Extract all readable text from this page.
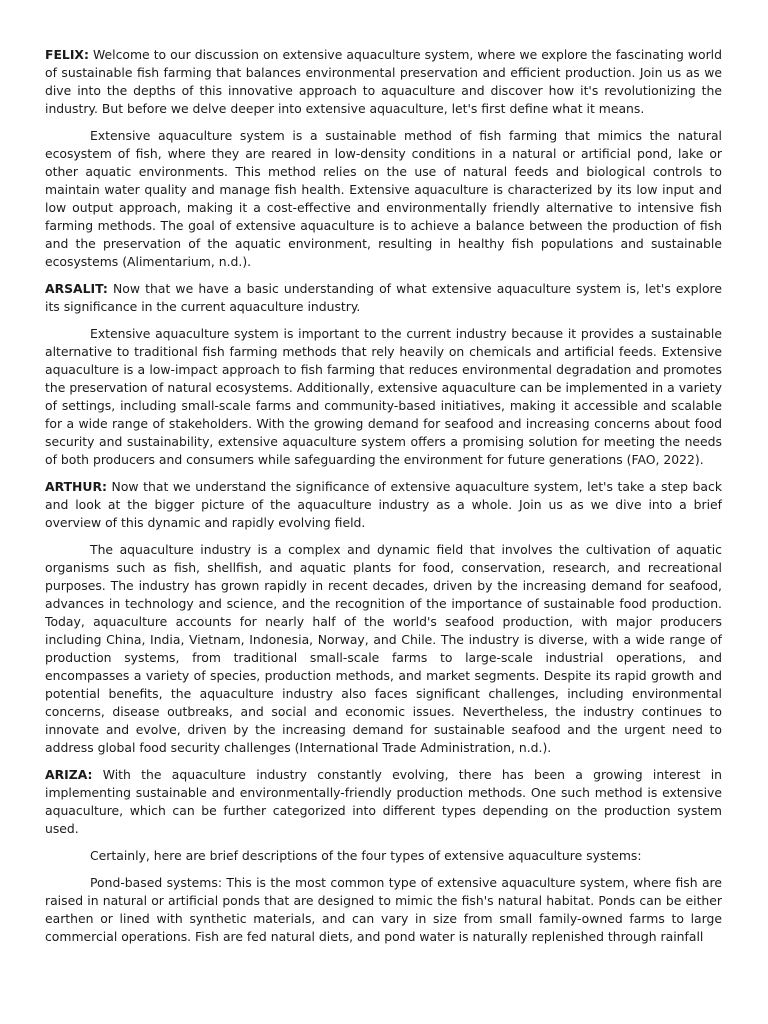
FELIX: Welcome to our discussion on extensive aquaculture system, where we explore the fascinating world of sustainable fish farming that balances environmental preservation and efficient production. Join us as we dive into the depths of this innovative approach to aquaculture and discover how it's revolutionizing the industry. But before we delve deeper into extensive aquaculture, let's first define what it means.

Extensive aquaculture system is a sustainable method of fish farming that mimics the natural ecosystem of fish, where they are reared in low-density conditions in a natural or artificial pond, lake or other aquatic environments. This method relies on the use of natural feeds and biological controls to maintain water quality and manage fish health. Extensive aquaculture is characterized by its low input and low output approach, making it a cost-effective and environmentally friendly alternative to intensive fish farming methods. The goal of extensive aquaculture is to achieve a balance between the production of fish and the preservation of the aquatic environment, resulting in healthy fish populations and sustainable ecosystems (Alimentarium, n.d.).

ARSALIT: Now that we have a basic understanding of what extensive aquaculture system is, let's explore its significance in the current aquaculture industry.

Extensive aquaculture system is important to the current industry because it provides a sustainable alternative to traditional fish farming methods that rely heavily on chemicals and artificial feeds. Extensive aquaculture is a low-impact approach to fish farming that reduces environmental degradation and promotes the preservation of natural ecosystems. Additionally, extensive aquaculture can be implemented in a variety of settings, including small-scale farms and community-based initiatives, making it accessible and scalable for a wide range of stakeholders. With the growing demand for seafood and increasing concerns about food security and sustainability, extensive aquaculture system offers a promising solution for meeting the needs of both producers and consumers while safeguarding the environment for future generations (FAO, 2022).

ARTHUR: Now that we understand the significance of extensive aquaculture system, let's take a step back and look at the bigger picture of the aquaculture industry as a whole. Join us as we dive into a brief overview of this dynamic and rapidly evolving field.

The aquaculture industry is a complex and dynamic field that involves the cultivation of aquatic organisms such as fish, shellfish, and aquatic plants for food, conservation, research, and recreational purposes. The industry has grown rapidly in recent decades, driven by the increasing demand for seafood, advances in technology and science, and the recognition of the importance of sustainable food production. Today, aquaculture accounts for nearly half of the world's seafood production, with major producers including China, India, Vietnam, Indonesia, Norway, and Chile. The industry is diverse, with a wide range of production systems, from traditional small-scale farms to large-scale industrial operations, and encompasses a variety of species, production methods, and market segments. Despite its rapid growth and potential benefits, the aquaculture industry also faces significant challenges, including environmental concerns, disease outbreaks, and social and economic issues. Nevertheless, the industry continues to innovate and evolve, driven by the increasing demand for sustainable seafood and the urgent need to address global food security challenges (International Trade Administration, n.d.).

ARIZA: With the aquaculture industry constantly evolving, there has been a growing interest in implementing sustainable and environmentally-friendly production methods. One such method is extensive aquaculture, which can be further categorized into different types depending on the production system used.

Certainly, here are brief descriptions of the four types of extensive aquaculture systems:

Pond-based systems: This is the most common type of extensive aquaculture system, where fish are raised in natural or artificial ponds that are designed to mimic the fish's natural habitat. Ponds can be either earthen or lined with synthetic materials, and can vary in size from small family-owned farms to large commercial operations. Fish are fed natural diets, and pond water is naturally replenished through rainfall
